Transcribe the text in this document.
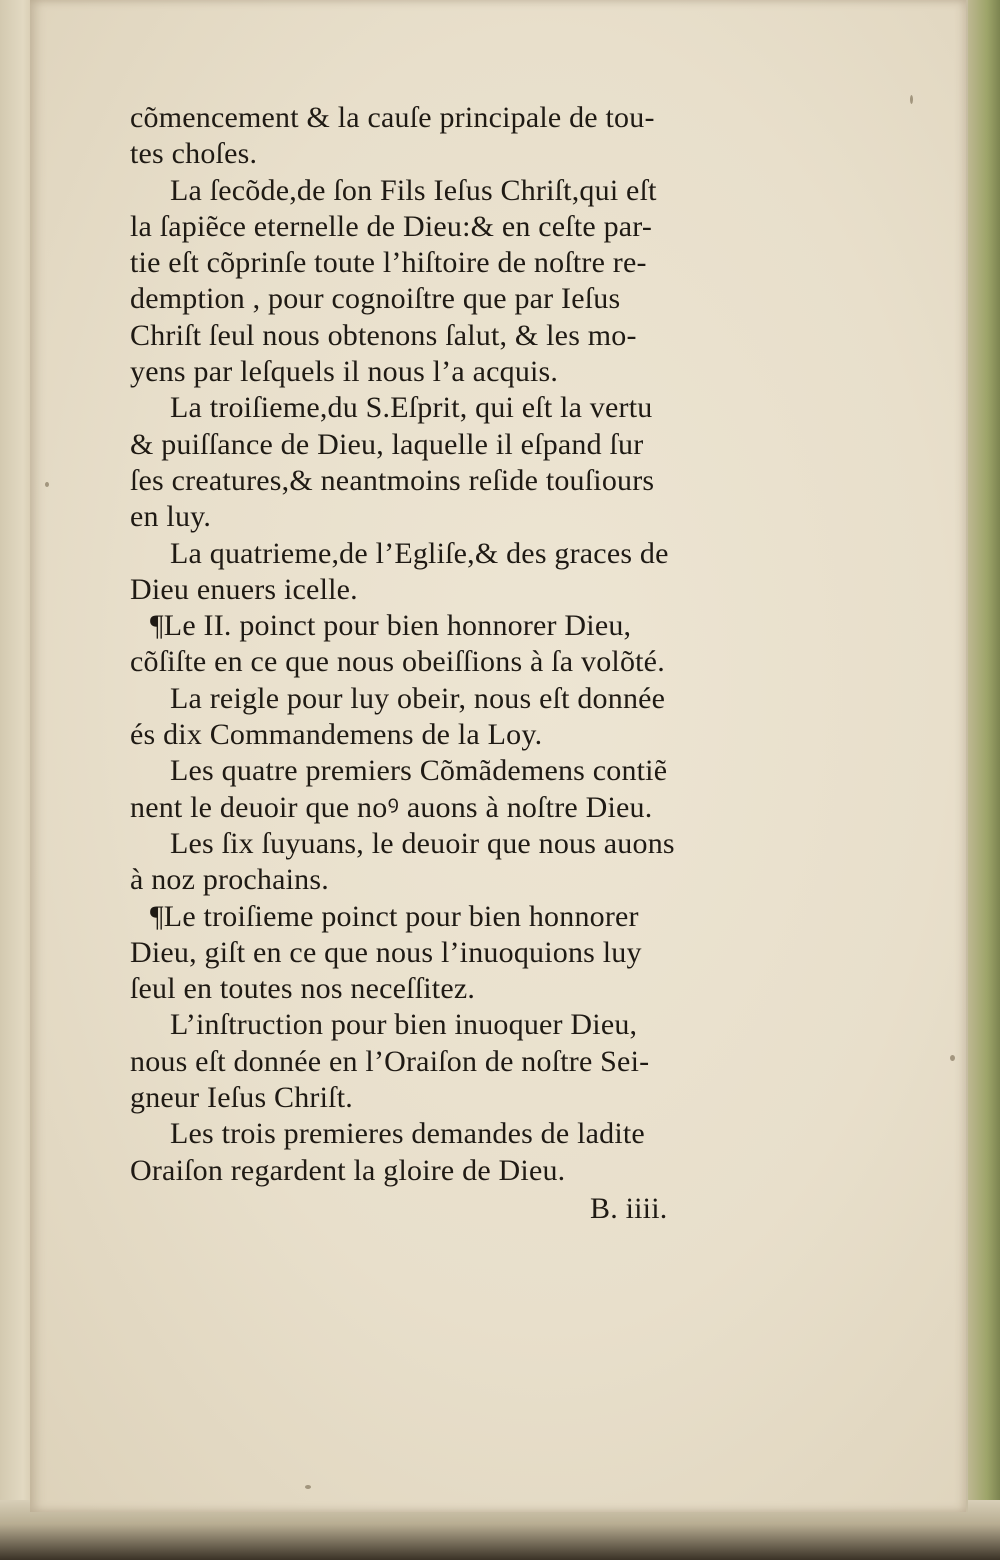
cõmencement & la cauſe principale de tou-
tes choſes.
La ſecõde,de ſon Fils Ieſus Chriſt,qui eſt
la ſapiẽce eternelle de Dieu:& en ceſte par-
tie eſt cõprinſe toute l’hiſtoire de noſtre re-
demption , pour cognoiſtre que par Ieſus
Chriſt ſeul nous obtenons ſalut, & les mo-
yens par leſquels il nous l’a acquis.
La troiſieme,du S.Eſprit, qui eſt la vertu
& puiſſance de Dieu, laquelle il eſpand ſur
ſes creatures,& neantmoins reſide touſiours
en luy.
La quatrieme,de l’Egliſe,& des graces de
Dieu enuers icelle.
¶Le II. poinct pour bien honnorer Dieu,
cõſiſte en ce que nous obeiſſions à ſa volõté.
La reigle pour luy obeir, nous eſt donnée
és dix Commandemens de la Loy.
Les quatre premiers Cõmãdemens contiẽ
nent le deuoir que noꝰ auons à noſtre Dieu.
Les ſix ſuyuans, le deuoir que nous auons
à noz prochains.
¶Le troiſieme poinct pour bien honnorer
Dieu, giſt en ce que nous l’inuoquions luy
ſeul en toutes nos neceſſitez.
L’inſtruction pour bien inuoquer Dieu,
nous eſt donnée en l’Oraiſon de noſtre Sei-
gneur Ieſus Chriſt.
Les trois premieres demandes de ladite
Oraiſon regardent la gloire de Dieu.
B. iiii.
